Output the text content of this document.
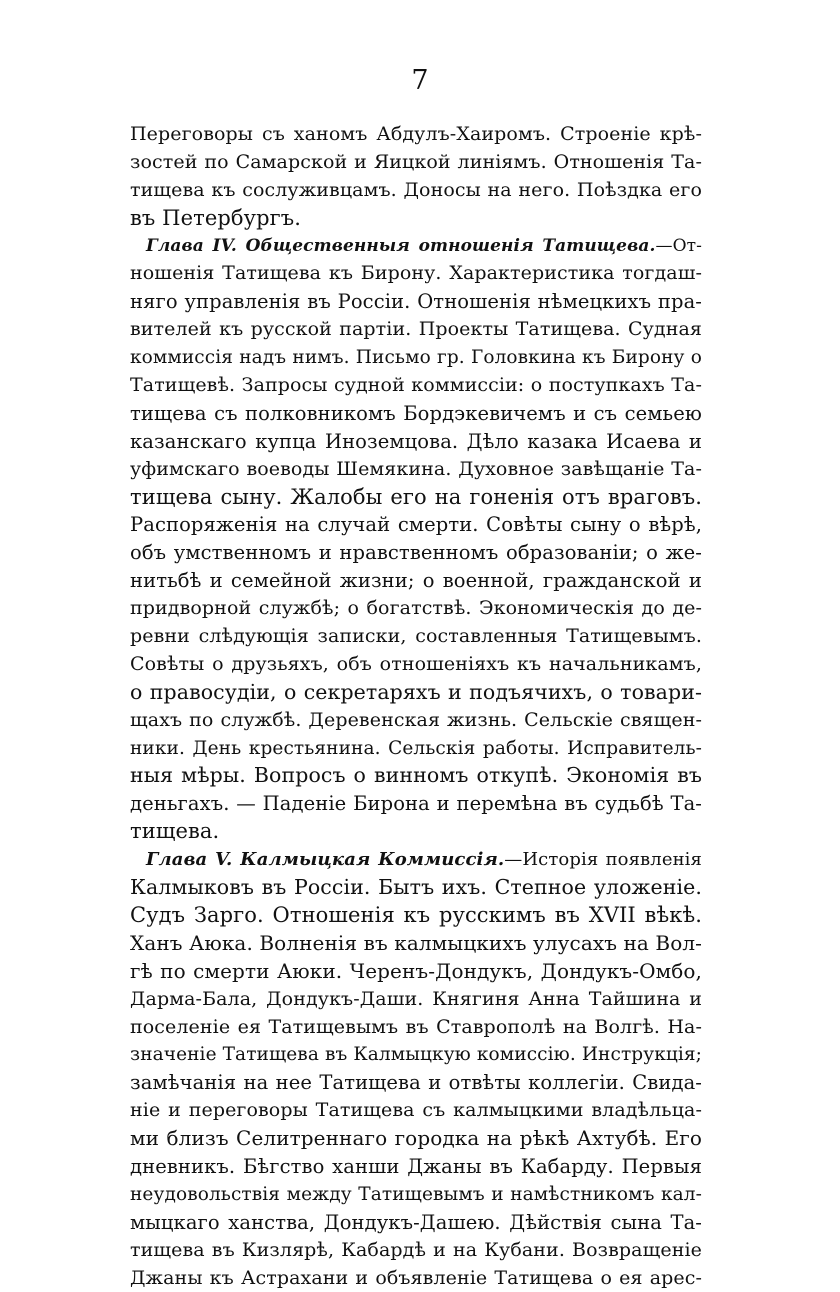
7
Переговоры съ ханомъ Абдулъ-Хаиромъ. Строеніе крѣ-
зостей по Самарской и Яицкой линіямъ. Отношенія Та-
тищева къ сослуживцамъ. Доносы на него. Поѣздка его
въ Петербургъ.
Глава IV. Общественныя отношенія Татищева.—От-
ношенія Татищева къ Бирону. Характеристика тогдаш-
няго управленія въ Россіи. Отношенія нѣмецкихъ пра-
вителей къ русской партіи. Проекты Татищева. Судная
коммиссія надъ нимъ. Письмо гр. Головкина къ Бирону о
Татищевѣ. Запросы судной коммиссіи: о поступкахъ Та-
тищева съ полковникомъ Бордэкевичемъ и съ семьею
казанскаго купца Иноземцова. Дѣло казака Исаева и
уфимскаго воеводы Шемякина. Духовное завѣщаніе Та-
тищева сыну. Жалобы его на гоненія отъ враговъ.
Распоряженія на случай смерти. Совѣты сыну о вѣрѣ,
объ умственномъ и нравственномъ образованіи; о же-
нитьбѣ и семейной жизни; о военной, гражданской и
придворной службѣ; о богатствѣ. Экономическія до де-
ревни слѣдующія записки, составленныя Татищевымъ.
Совѣты о друзьяхъ, объ отношеніяхъ къ начальникамъ,
о правосудіи, о секретаряхъ и подъячихъ, о товари-
щахъ по службѣ. Деревенская жизнь. Сельскіе священ-
ники. День крестьянина. Сельскія работы. Исправитель-
ныя мѣры. Вопросъ о винномъ откупѣ. Экономія въ
деньгахъ. — Паденіе Бирона и перемѣна въ судьбѣ Та-
тищева.
Глава V. Калмыцкая Коммиссія.—Исторія появленія
Калмыковъ въ Россіи. Бытъ ихъ. Степное уложеніе.
Судъ Зарго. Отношенія къ русскимъ въ XVII вѣкѣ.
Ханъ Аюка. Волненія въ калмыцкихъ улусахъ на Вол-
гѣ по смерти Аюки. Черенъ-Дондукъ, Дондукъ-Омбо,
Дарма-Бала, Дондукъ-Даши. Княгиня Анна Тайшина и
поселеніе ея Татищевымъ въ Ставрополѣ на Волгѣ. На-
значеніе Татищева въ Калмыцкую комиссію. Инструкція;
замѣчанія на нее Татищева и отвѣты коллегіи. Свида-
ніе и переговоры Татищева съ калмыцкими владѣльца-
ми близъ Селитреннаго городка на рѣкѣ Ахтубѣ. Его
дневникъ. Бѣгство ханши Джаны въ Кабарду. Первыя
неудовольствія между Татищевымъ и намѣстникомъ кал-
мыцкаго ханства, Дондукъ-Дашею. Дѣйствія сына Та-
тищева въ Кизлярѣ, Кабардѣ и на Кубани. Возвращеніе
Джаны къ Астрахани и объявленіе Татищева о ея арес-
